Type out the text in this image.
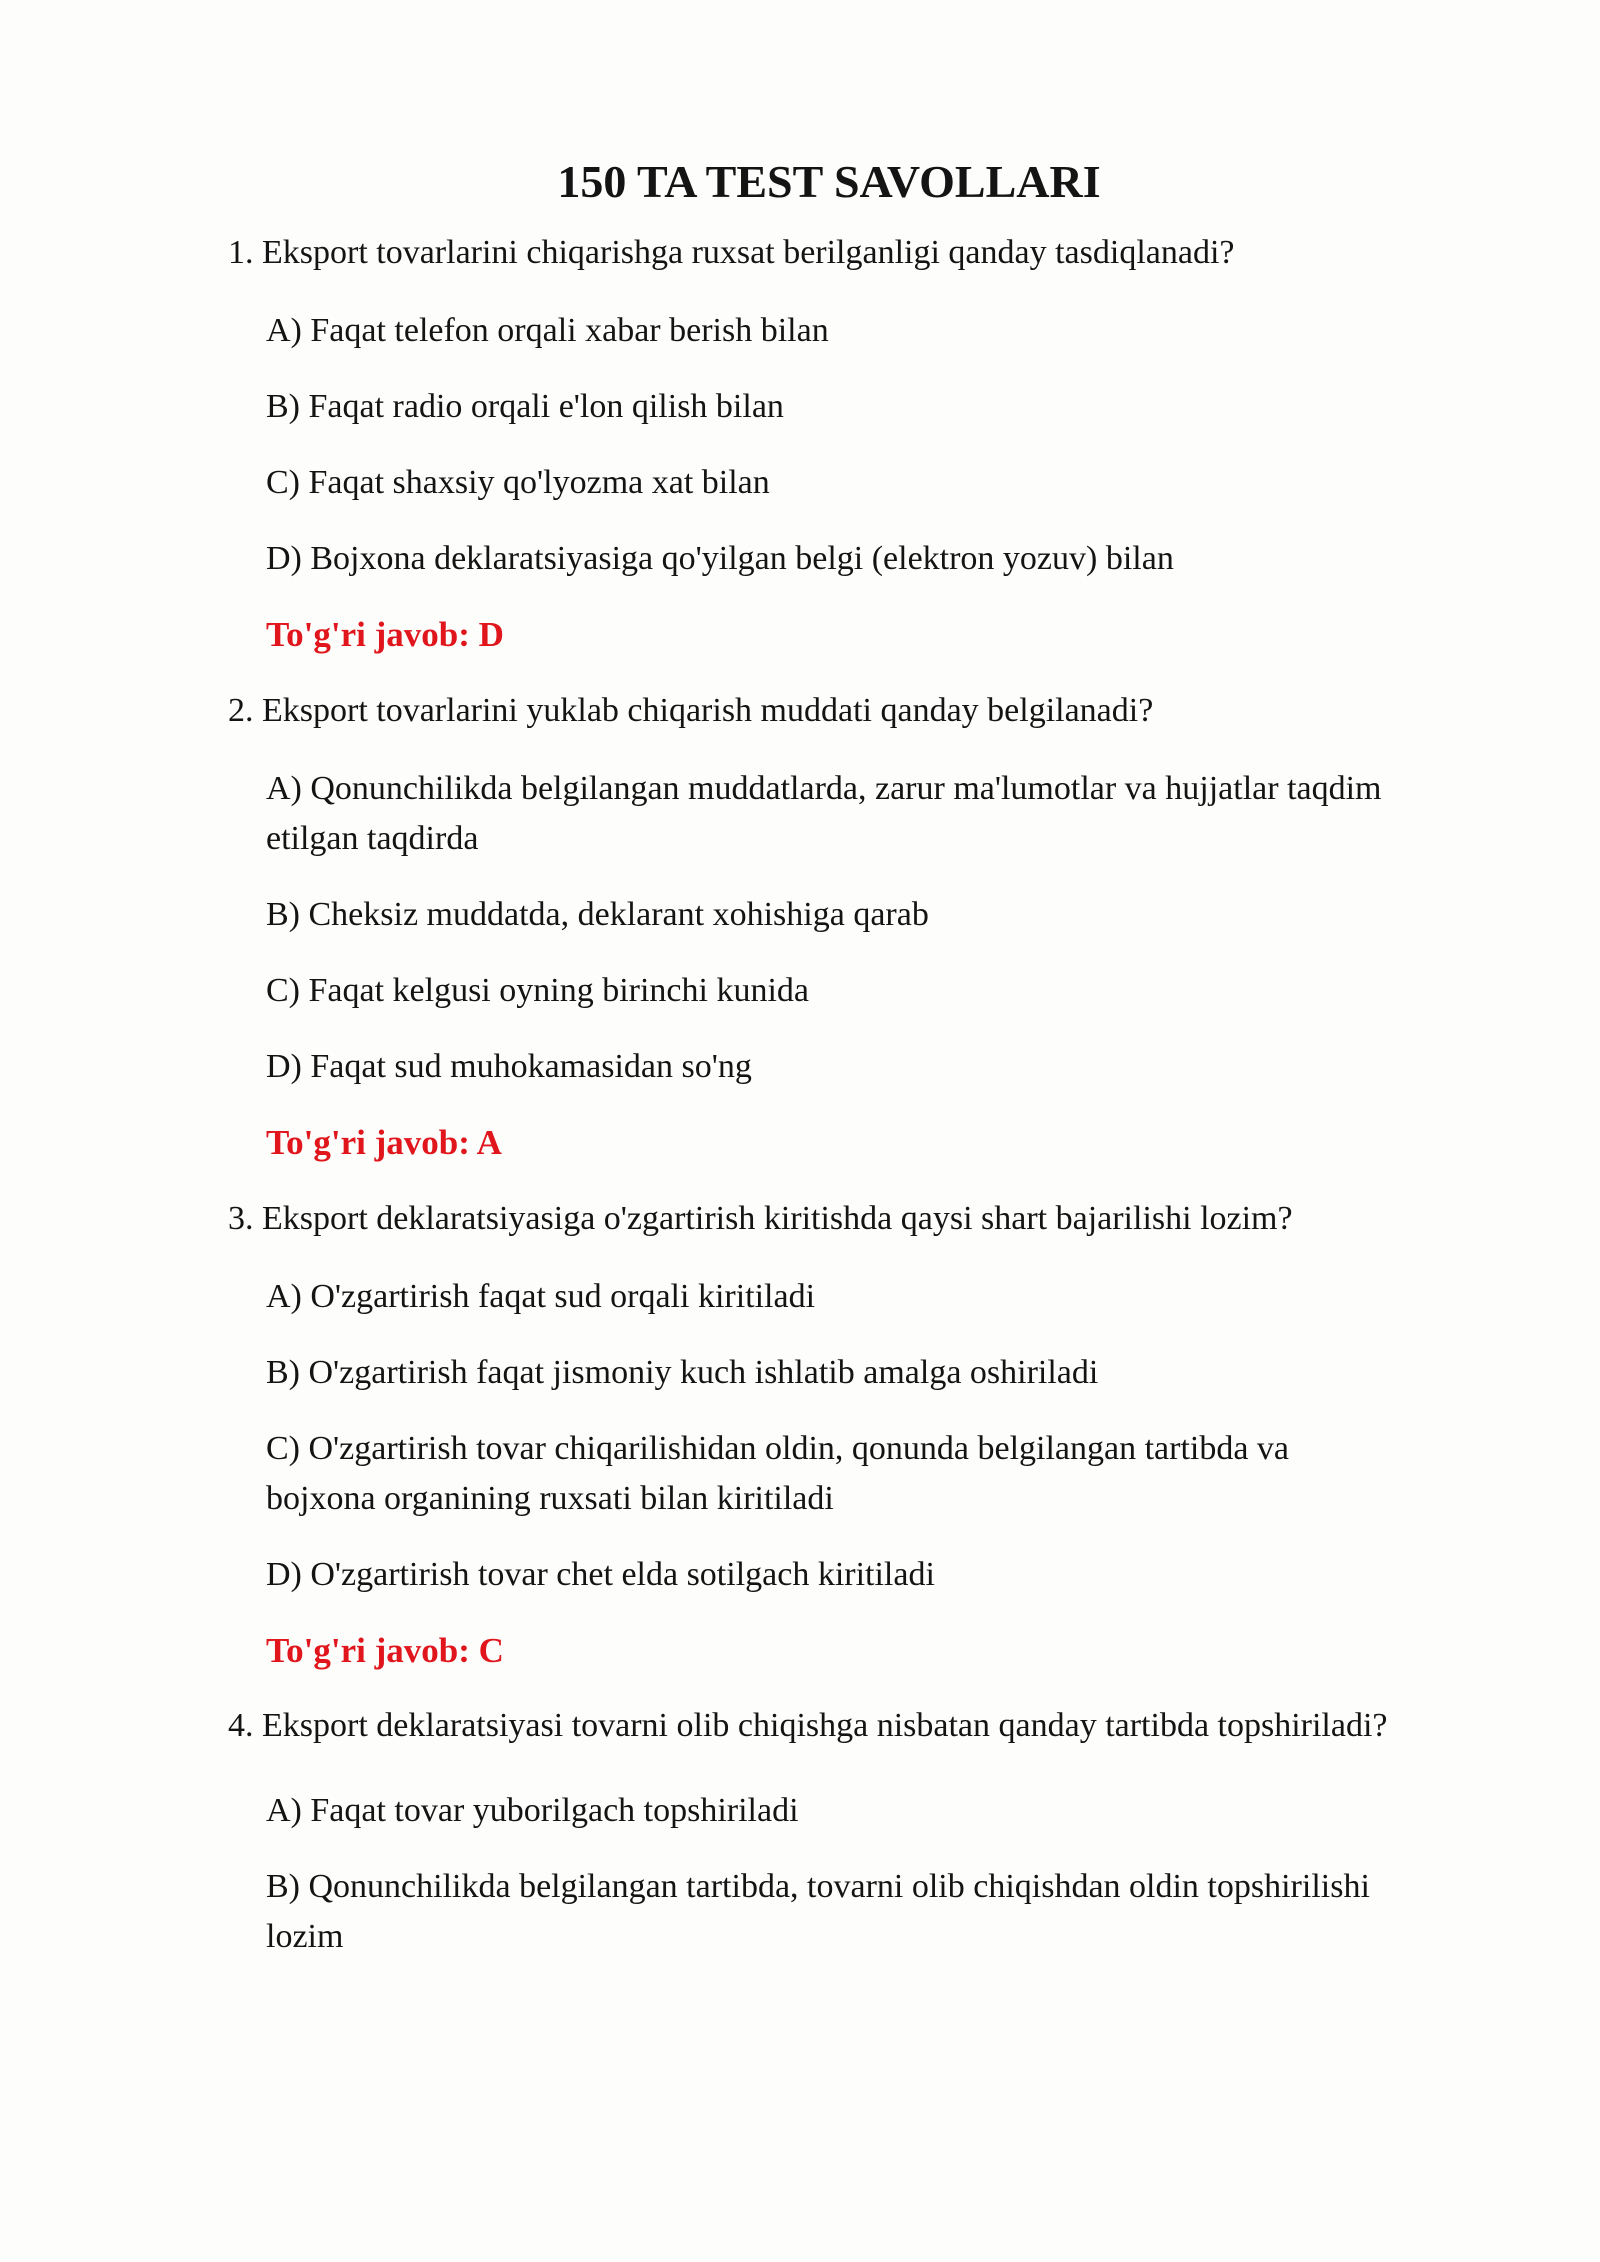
150 TA TEST SAVOLLARI

1. Eksport tovarlarini chiqarishga ruxsat berilganligi qanday tasdiqlanadi?

A) Faqat telefon orqali xabar berish bilan

B) Faqat radio orqali e'lon qilish bilan

C) Faqat shaxsiy qo'lyozma xat bilan

D) Bojxona deklaratsiyasiga qo'yilgan belgi (elektron yozuv) bilan

To'g'ri javob: D

2. Eksport tovarlarini yuklab chiqarish muddati qanday belgilanadi?

A) Qonunchilikda belgilangan muddatlarda, zarur ma'lumotlar va hujjatlar taqdim etilgan taqdirda

B) Cheksiz muddatda, deklarant xohishiga qarab

C) Faqat kelgusi oyning birinchi kunida

D) Faqat sud muhokamasidan so'ng

To'g'ri javob: A

3. Eksport deklaratsiyasiga o'zgartirish kiritishda qaysi shart bajarilishi lozim?

A) O'zgartirish faqat sud orqali kiritiladi

B) O'zgartirish faqat jismoniy kuch ishlatib amalga oshiriladi

C) O'zgartirish tovar chiqarilishidan oldin, qonunda belgilangan tartibda va bojxona organining ruxsati bilan kiritiladi

D) O'zgartirish tovar chet elda sotilgach kiritiladi

To'g'ri javob: C

4. Eksport deklaratsiyasi tovarni olib chiqishga nisbatan qanday tartibda topshiriladi?

A) Faqat tovar yuborilgach topshiriladi

B) Qonunchilikda belgilangan tartibda, tovarni olib chiqishdan oldin topshirilishi lozim
